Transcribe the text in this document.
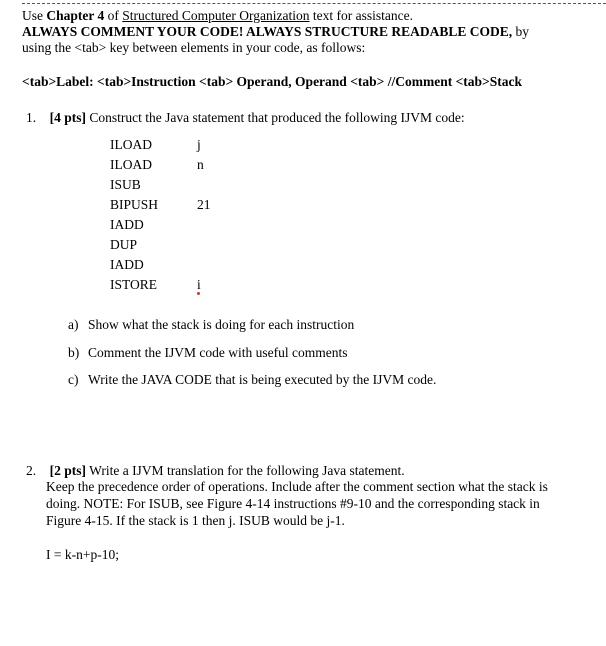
Use Chapter 4 of Structured Computer Organization text for assistance.
ALWAYS COMMENT YOUR CODE! ALWAYS STRUCTURE READABLE CODE, by
using the <tab> key between elements in your code, as follows:
<tab>Label: <tab>Instruction <tab> Operand, Operand <tab> //Comment <tab>Stack
1. [4 pts] Construct the Java statement that produced the following IJVM code:
ILOAD	j
ILOAD	n
ISUB
BIPUSH	21
IADD
DUP
IADD
ISTORE	i
a) Show what the stack is doing for each instruction
b) Comment the IJVM code with useful comments
c) Write the JAVA CODE that is being executed by the IJVM code.
2. [2 pts] Write a IJVM translation for the following Java statement.
Keep the precedence order of operations. Include after the comment section what the stack is
doing. NOTE: For ISUB, see Figure 4-14 instructions #9-10 and the corresponding stack in
Figure 4-15. If the stack is 1 then j. ISUB would be j-1.
I = k-n+p-10;
